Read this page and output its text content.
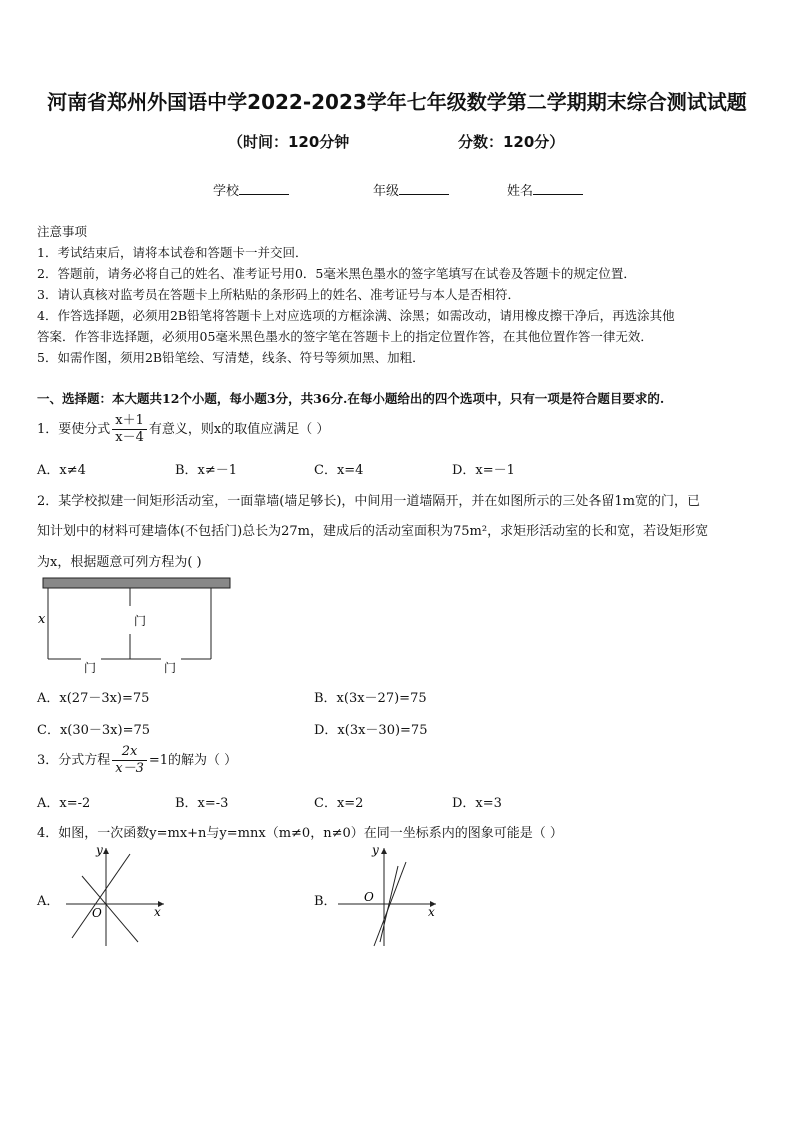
河南省郑州外国语中学2022-2023学年七年级数学第二学期期末综合测试试题
（时间：120分钟	分数：120分）
学校	年级	姓名
注意事项
1．考试结束后，请将本试卷和答题卡一并交回．
2．答题前，请务必将自己的姓名、准考证号用0．5毫米黑色墨水的签字笔填写在试卷及答题卡的规定位置．
3．请认真核对监考员在答题卡上所粘贴的条形码上的姓名、准考证号与本人是否相符．
4．作答选择题，必须用2B铅笔将答题卡上对应选项的方框涂满、涂黑；如需改动，请用橡皮擦干净后，再选涂其他
答案．作答非选择题，必须用05毫米黑色墨水的签字笔在答题卡上的指定位置作答，在其他位置作答一律无效．
5．如需作图，须用2B铅笔绘、写清楚，线条、符号等须加黑、加粗．
一、选择题：本大题共12个小题，每小题3分，共36分.在每小题给出的四个选项中，只有一项是符合题目要求的.
1．要使分式 $\frac{x+1}{x-4}$ 有意义，则x的取值应满足（ ）
A．x≠4	B．x≠－1	C．x=4	D．x=－1
2．某学校拟建一间矩形活动室，一面靠墙(墙足够长)，中间用一道墙隔开，并在如图所示的三处各留1m宽的门，已
知计划中的材料可建墙体(不包括门)总长为27m，建成后的活动室面积为75m²，求矩形活动室的长和宽，若设矩形宽
为x，根据题意可列方程为( )
x	门
门	门
A．x(27－3x)=75	B．x(3x－27)=75
C．x(30－3x)=75	D．x(3x－30)=75
3．分式方程 $\frac{2x}{x-3} =1$的解为（ ）
A．x=-2	B．x=-3	C．x=2	D．x=3
4．如图，一次函数y=mx+n与y=mnx（m≠0，n≠0）在同一坐标系内的图象可能是（ ）
A．
x
y
O
B．
x
y
O
